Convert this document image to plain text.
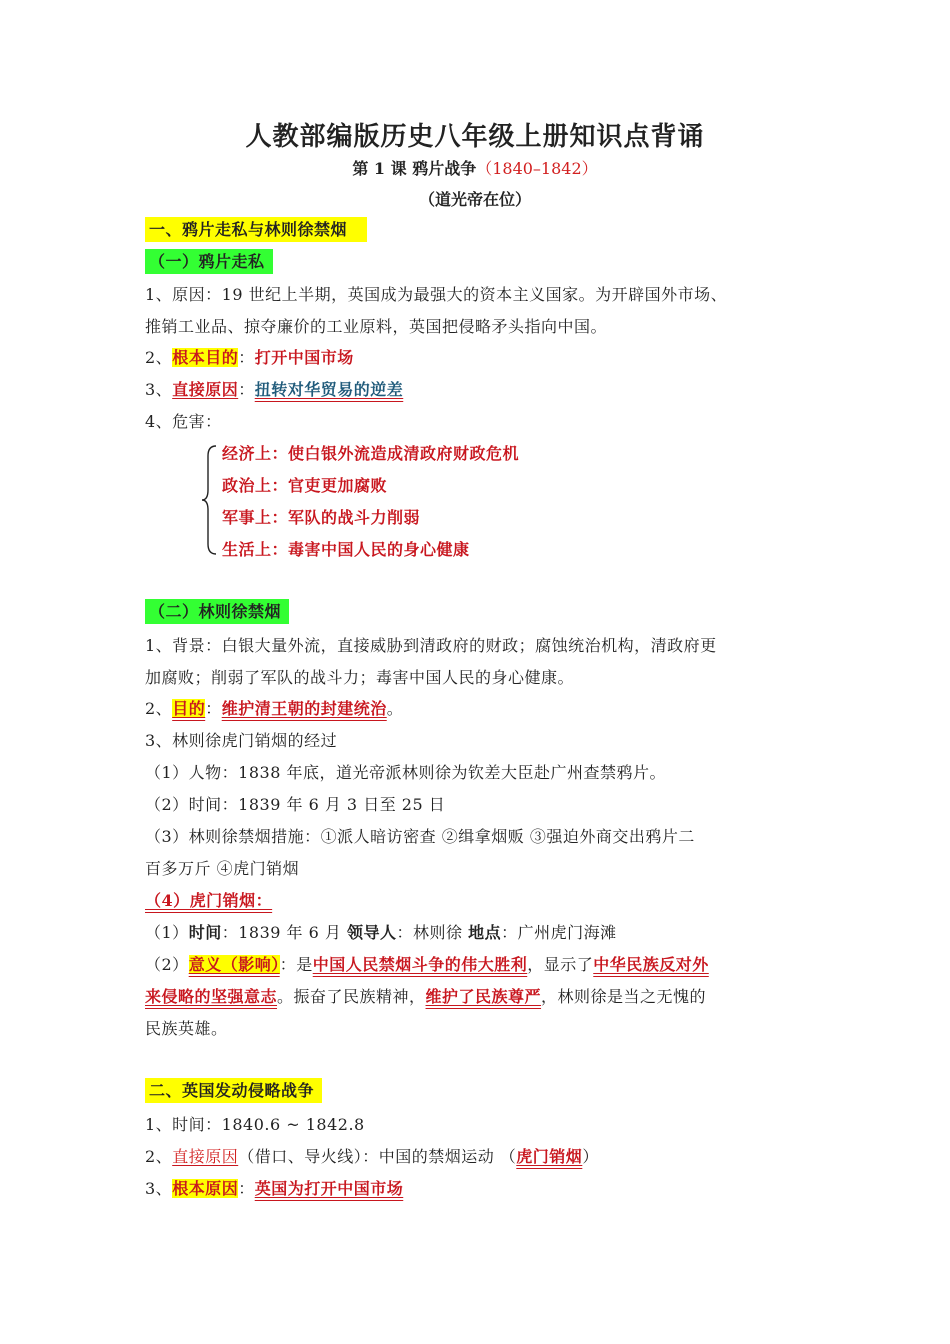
人教部编版历史八年级上册知识点背诵
第 1 课 鸦片战争（1840–1842）
（道光帝在位）
一、鸦片走私与林则徐禁烟
（一）鸦片走私
1、原因：19 世纪上半期，英国成为最强大的资本主义国家。为开辟国外市场、
推销工业品、掠夺廉价的工业原料，英国把侵略矛头指向中国。
2、根本目的：打开中国市场
3、直接原因：扭转对华贸易的逆差
4、危害：
经济上：使白银外流造成清政府财政危机
政治上：官吏更加腐败
军事上：军队的战斗力削弱
生活上：毒害中国人民的身心健康
（二）林则徐禁烟
1、背景：白银大量外流，直接威胁到清政府的财政；腐蚀统治机构，清政府更
加腐败；削弱了军队的战斗力；毒害中国人民的身心健康。
2、目的：维护清王朝的封建统治。
3、林则徐虎门销烟的经过
（1）人物：1838 年底，道光帝派林则徐为钦差大臣赴广州查禁鸦片。
（2）时间：1839 年 6 月 3 日至 25 日
（3）林则徐禁烟措施：①派人暗访密查 ②缉拿烟贩 ③强迫外商交出鸦片二
百多万斤 ④虎门销烟
（4）虎门销烟：
（1）时间：1839 年 6 月 领导人：林则徐 地点：广州虎门海滩
（2）意义（影响）：是中国人民禁烟斗争的伟大胜利，显示了中华民族反对外
来侵略的坚强意志。振奋了民族精神，维护了民族尊严，林则徐是当之无愧的
民族英雄。
二、英国发动侵略战争
1、时间：1840.6 ~ 1842.8
2、直接原因（借口、导火线）：中国的禁烟运动 （虎门销烟）
3、根本原因：英国为打开中国市场
